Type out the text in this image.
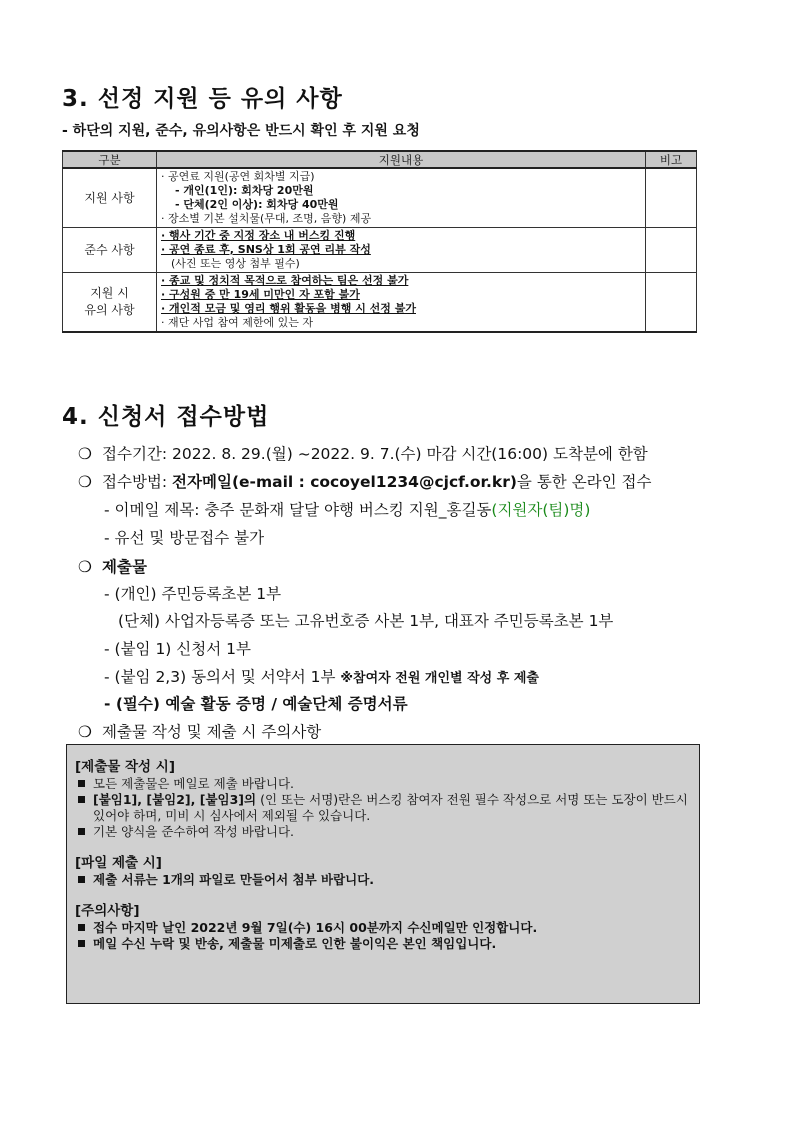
3. 선정 지원 등 유의 사항
- 하단의 지원, 준수, 유의사항은 반드시 확인 후 지원 요청
구분	지원내용	비고

지원 사항	· 공연료 지원(공연 회차별 지급)
- 개인(1인): 회차당 20만원
- 단체(2인 이상): 회차당 40만원
· 장소별 기본 설치물(무대, 조명, 음향) 제공	

준수 사항	· 행사 기간 중 지정 장소 내 버스킹 진행
· 공연 종료 후, SNS상 1회 공연 리뷰 작성
(사진 또는 영상 첨부 필수)	

지원 시
유의 사항	· 종교 및 정치적 목적으로 참여하는 팀은 선정 불가
· 구성원 중 만 19세 미만인 자 포함 불가
· 개인적 모금 및 영리 행위 활동을 병행 시 선정 불가
· 재단 사업 참여 제한에 있는 자	

4. 신청서 접수방법
❍ 접수기간: 2022. 8. 29.(월) ~2022. 9. 7.(수) 마감 시간(16:00) 도착분에 한함
❍ 접수방법: 전자메일(e-mail : cocoyel1234@cjcf.or.kr)을 통한 온라인 접수
- 이메일 제목: 충주 문화재 달달 야행 버스킹 지원_홍길동(지원자(팀)명)
- 유선 및 방문접수 불가
❍ 제출물
- (개인) 주민등록초본 1부
(단체) 사업자등록증 또는 고유번호증 사본 1부, 대표자 주민등록초본 1부
- (붙임 1) 신청서 1부
- (붙임 2,3) 동의서 및 서약서 1부 ※참여자 전원 개인별 작성 후 제출
- (필수) 예술 활동 증명 / 예술단체 증명서류
❍ 제출물 작성 및 제출 시 주의사항
[제출물 작성 시]
모든 제출물은 메일로 제출 바랍니다.
[붙임1], [붙임2], [붙임3]의 (인 또는 서명)란은 버스킹 참여자 전원 필수 작성으로 서명 또는 도장이 반드시 있어야 하며, 미비 시 심사에서 제외될 수 있습니다.
기본 양식을 준수하여 작성 바랍니다.
[파일 제출 시]
제출 서류는 1개의 파일로 만들어서 첨부 바랍니다.
[주의사항]
접수 마지막 날인 2022년 9월 7일(수) 16시 00분까지 수신메일만 인정합니다.
메일 수신 누락 및 반송, 제출물 미제출로 인한 불이익은 본인 책임입니다.
